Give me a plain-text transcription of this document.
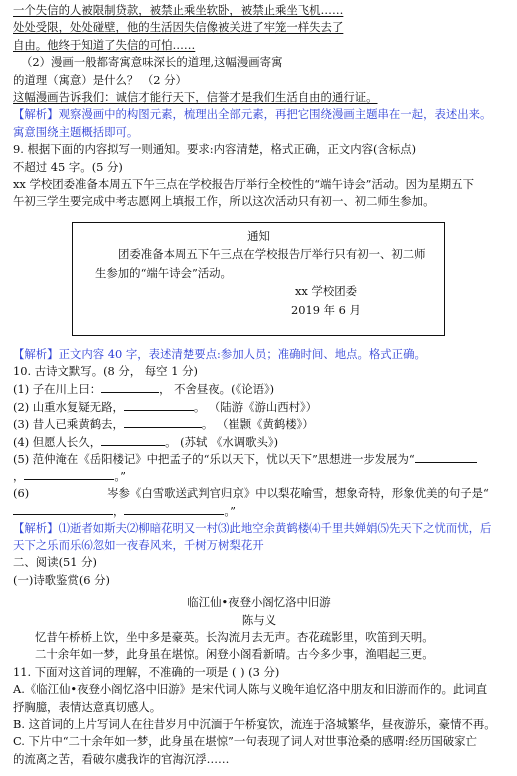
一个失信的人被限制贷款，被禁止乘坐软卧，被禁止乘坐飞机……
处处受限，处处碰壁，他的生活因失信像被关进了牢笼一样失去了
自由。他终于知道了失信的可怕……
（2）漫画一般都寄寓意味深长的道理,这幅漫画寄寓
的道理（寓意）是什么？ （2 分）
这幅漫画告诉我们：诚信才能行天下，信誉才是我们生活自由的通行证。
【解析】观察漫画中的构图元素，梳理出全部元素，再把它围绕漫画主题串在一起，表述出来。
寓意围绕主题概括即可。
9. 根据下面的内容拟写一则通知。要求:内容清楚，格式正确，正文内容(含标点)
不超过 45 字。(5 分)
xx 学校团委准备本周五下午三点在学校报告厅举行全校性的“端午诗会”活动。因为星期五下
午初三学生要完成中考志愿网上填报工作，所以这次活动只有初一、初二师生参加。
通知
团委准备本周五下午三点在学校报告厅举行只有初一、初二师
生参加的“端午诗会”活动。
xx 学校团委
2019 年 6 月
【解析】正文内容 40 字，表述清楚要点:参加人员；准确时间、地点。格式正确。
10. 古诗文默写。(8 分， 每空 1 分)
(1) 子在川上曰：	， 不舍昼夜。(《论语》)
(2) 山重水复疑无路，	。 （陆游《游山西村》）
(3) 昔人已乘黄鹤去，	。 （崔颢《黄鹤楼》）
(4) 但愿人长久，	。 (苏轼 《水调歌头》)
(5) 范仲淹在《岳阳楼记》中把孟子的“乐以天下，忧以天下”思想进一步发展为“
，	。”
(6)	岑参《白雪歌送武判官归京》中以梨花喻雪，想象奇特，形象优美的句子是“
，	。”
【解析】⑴逝者如斯夫⑵柳暗花明又一村⑶此地空余黄鹤楼⑷千里共婵娟⑸先天下之忧而忧，后
天下之乐而乐⑹忽如一夜春风来，千树万树梨花开
二、阅读(51 分)
(一)诗歌鉴赏(6 分)
临江仙•夜登小阁忆洛中旧游
陈与义
忆昔午桥桥上饮，坐中多是豪英。长沟流月去无声。杏花疏影里，吹笛到天明。
二十余年如一梦，此身虽在堪惊。闲登小阁看新晴。古今多少事，渔唱起三更。
11. 下面对这首词的理解，不准确的一项是 ( ) (3 分)
A.《临江仙•夜登小阁忆洛中旧游》是宋代词人陈与义晚年追忆洛中朋友和旧游而作的。此词直
抒胸臆，表情达意真切感人。
B. 这首词的上片写词人在往昔岁月中沉湎于午桥宴饮，流连于洛城繁华，昼夜游乐，豪情不再。
C. 下片中“二十余年如一梦，此身虽在堪惊”一句表现了词人对世事沧桑的感喟:经历国破家亡
的流离之苦，看破尔虞我诈的官海沉浮……
